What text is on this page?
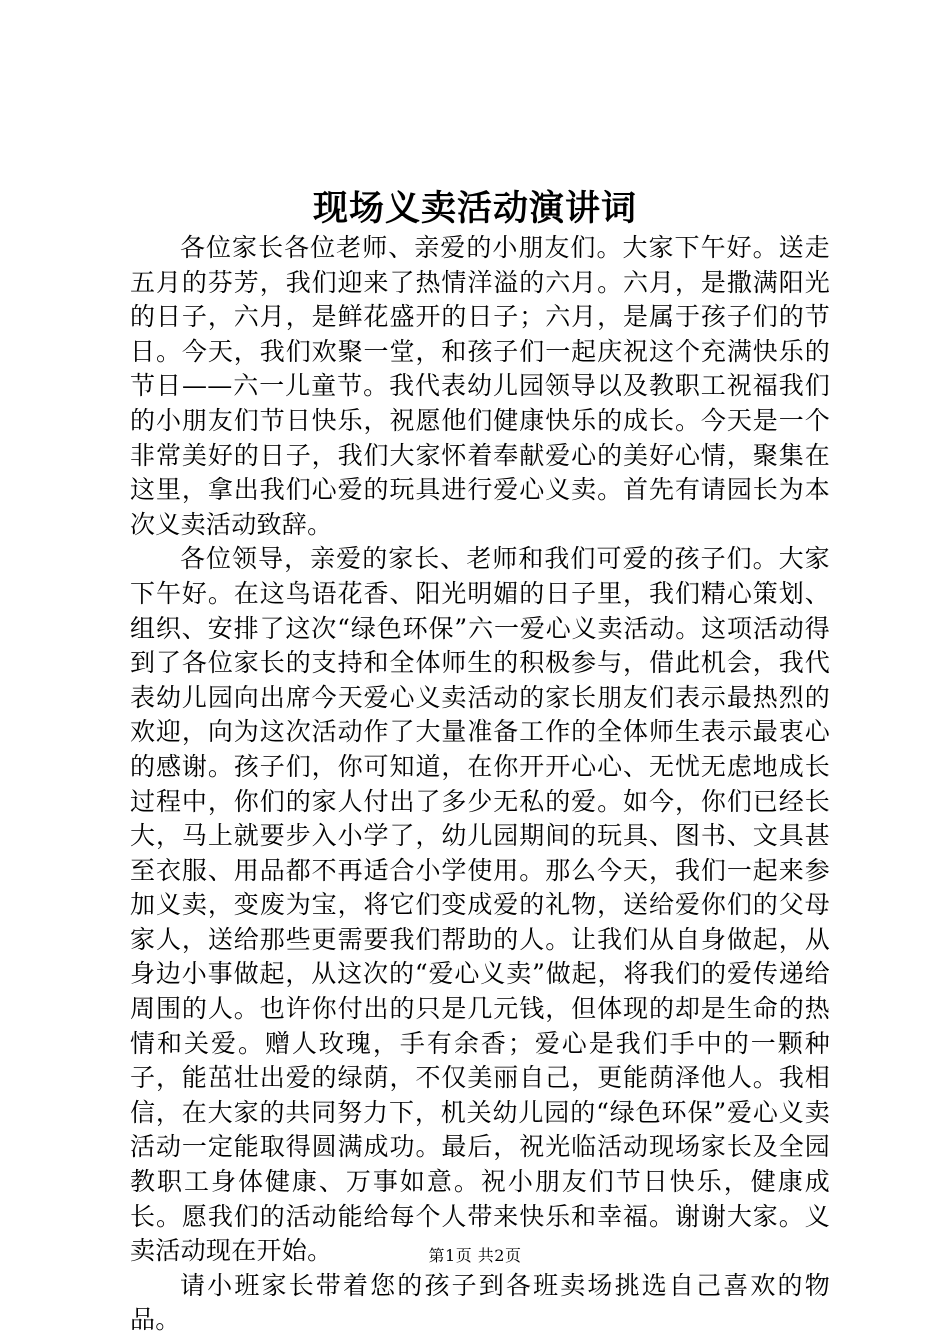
现场义卖活动演讲词

各位家长各位老师、亲爱的小朋友们。大家下午好。送走五月的芬芳，我们迎来了热情洋溢的六月。六月，是撒满阳光的日子，六月，是鲜花盛开的日子；六月，是属于孩子们的节日。今天，我们欢聚一堂，和孩子们一起庆祝这个充满快乐的节日——六一儿童节。我代表幼儿园领导以及教职工祝福我们的小朋友们节日快乐，祝愿他们健康快乐的成长。今天是一个非常美好的日子，我们大家怀着奉献爱心的美好心情，聚集在这里，拿出我们心爱的玩具进行爱心义卖。首先有请园长为本次义卖活动致辞。

各位领导，亲爱的家长、老师和我们可爱的孩子们。大家下午好。在这鸟语花香、阳光明媚的日子里，我们精心策划、组织、安排了这次“绿色环保”六一爱心义卖活动。这项活动得到了各位家长的支持和全体师生的积极参与，借此机会，我代表幼儿园向出席今天爱心义卖活动的家长朋友们表示最热烈的欢迎，向为这次活动作了大量准备工作的全体师生表示最衷心的感谢。孩子们，你可知道，在你开开心心、无忧无虑地成长过程中，你们的家人付出了多少无私的爱。如今，你们已经长大，马上就要步入小学了，幼儿园期间的玩具、图书、文具甚至衣服、用品都不再适合小学使用。那么今天，我们一起来参加义卖，变废为宝，将它们变成爱的礼物，送给爱你们的父母家人，送给那些更需要我们帮助的人。让我们从自身做起，从身边小事做起，从这次的“爱心义卖”做起，将我们的爱传递给周围的人。也许你付出的只是几元钱，但体现的却是生命的热情和关爱。赠人玫瑰，手有余香；爱心是我们手中的一颗种子，能茁壮出爱的绿荫，不仅美丽自己，更能荫泽他人。我相信，在大家的共同努力下，机关幼儿园的“绿色环保”爱心义卖活动一定能取得圆满成功。最后，祝光临活动现场家长及全园教职工身体健康、万事如意。祝小朋友们节日快乐，健康成长。愿我们的活动能给每个人带来快乐和幸福。谢谢大家。义卖活动现在开始。

请小班家长带着您的孩子到各班卖场挑选自己喜欢的物品。

第1页 共2页
